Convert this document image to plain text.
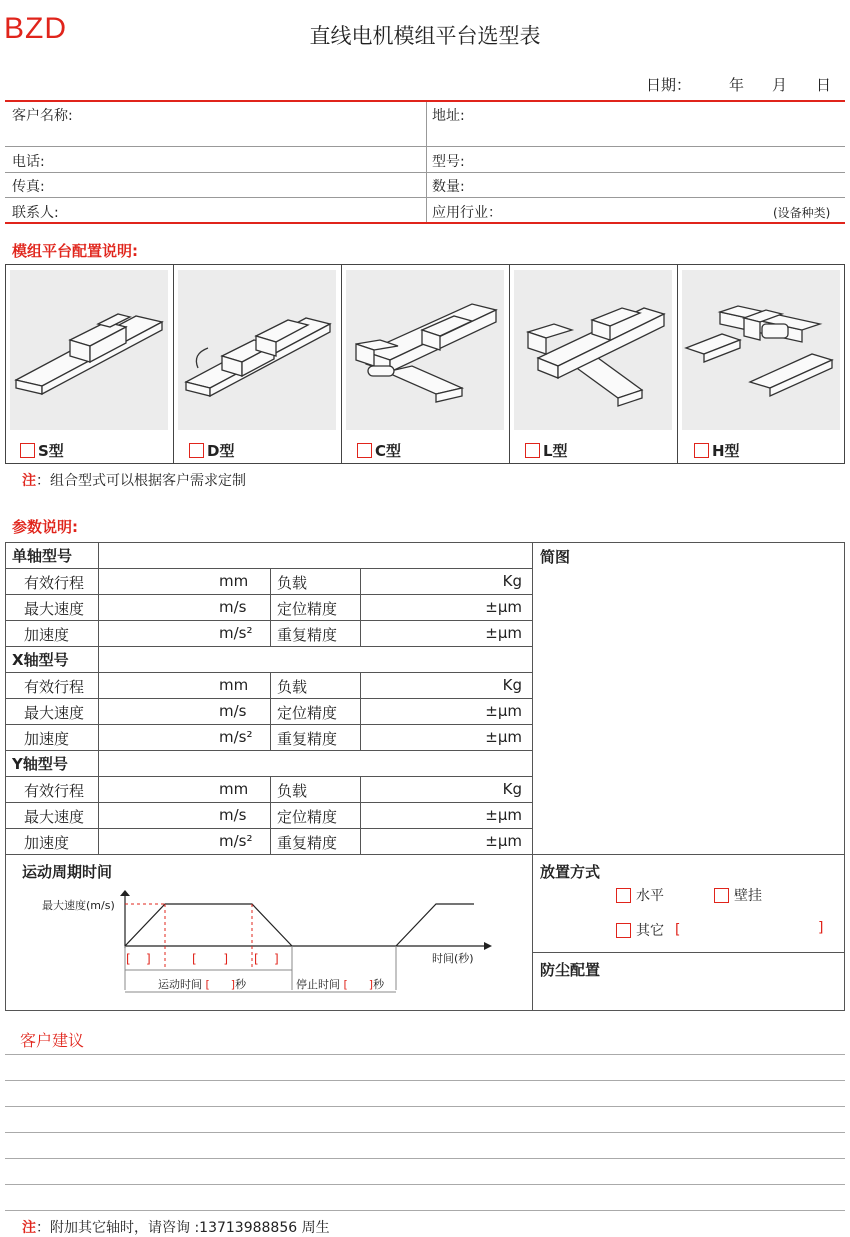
BZD	直线电机模组平台选型表
日期：	年 月 日
客户名称:	地址:
电话:	型号:
传真:	数量:
联系人:	应用行业：	(设备种类)
模组平台配置说明:
S型	D型	C型	L型	H型
注：组合型式可以根据客户需求定制
参数说明:
简图
单轴型号
有效行程	mm 负载	Kg
最大速度	m/s 定位精度	±μm
加速度	m/s² 重复精度	±μm
X轴型号
有效行程	mm 负载	Kg
最大速度	m/s 定位精度	±μm
加速度	m/s² 重复精度	±μm
Y轴型号
有效行程	mm 负载	Kg
最大速度	m/s 定位精度	±μm
加速度	m/s² 重复精度	±μm
运动周期时间
最大速度(m/s)
时间(秒)
[ ]	[ ] [ ]
运动时间 [ ]秒	停止时间 [ ]秒
放置方式
水平	壁挂
其它 [	]
防尘配置
客户建议
注：附加其它轴时，请咨询 :13713988856 周生
